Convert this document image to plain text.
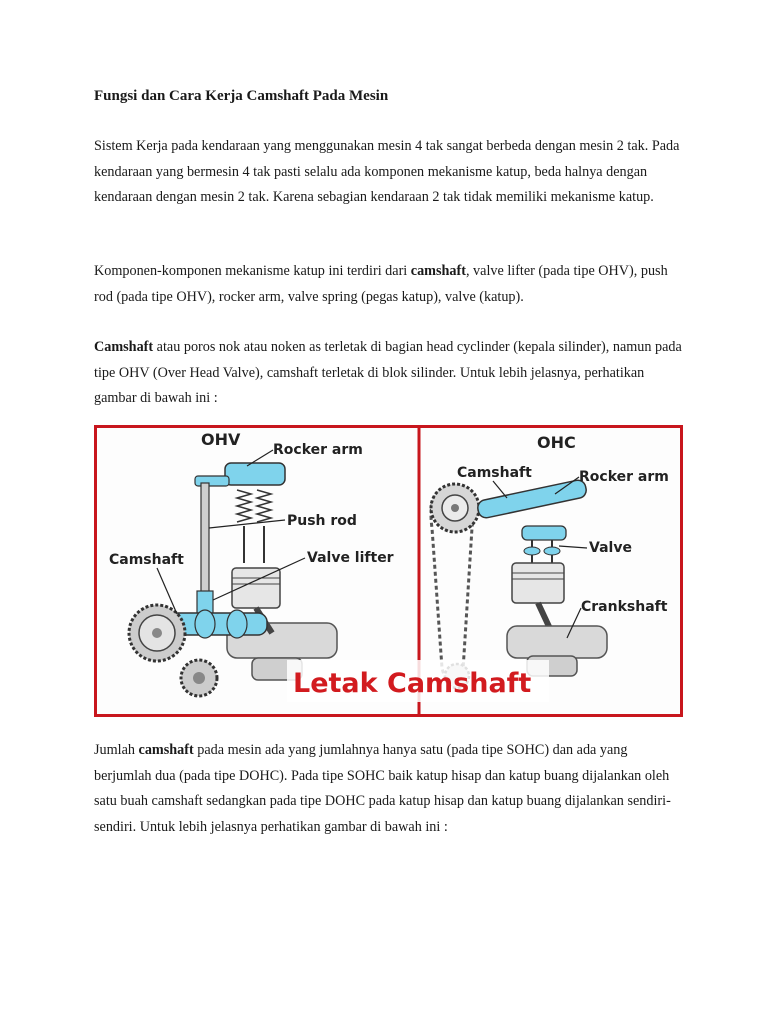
Fungsi dan Cara Kerja Camshaft Pada Mesin

Sistem Kerja pada kendaraan yang menggunakan mesin 4 tak sangat berbeda dengan mesin 2 tak. Pada kendaraan yang bermesin 4 tak pasti selalu ada komponen mekanisme katup, beda halnya dengan kendaraan dengan mesin 2 tak. Karena sebagian kendaraan 2 tak tidak memiliki mekanisme katup.

Komponen-komponen mekanisme katup ini terdiri dari camshaft, valve lifter (pada tipe OHV), push rod (pada tipe OHV), rocker arm, valve spring (pegas katup), valve (katup).

Camshaft atau poros nok atau noken as terletak di bagian head cyclinder (kepala silinder), namun pada tipe OHV (Over Head Valve), camshaft terletak di blok silinder. Untuk lebih jelasnya, perhatikan gambar di bawah ini :

OHV
Rocker arm
Push rod
Camshaft	Valve lifter
OHC
Camshaft	Rocker arm
Valve
Crankshaft
Letak Camshaft

Jumlah camshaft pada mesin ada yang jumlahnya hanya satu (pada tipe SOHC) dan ada yang berjumlah dua (pada tipe DOHC). Pada tipe SOHC baik katup hisap dan katup buang dijalankan oleh satu buah camshaft sedangkan pada tipe DOHC pada katup hisap dan katup buang dijalankan sendiri-sendiri. Untuk lebih jelasnya perhatikan gambar di bawah ini :
